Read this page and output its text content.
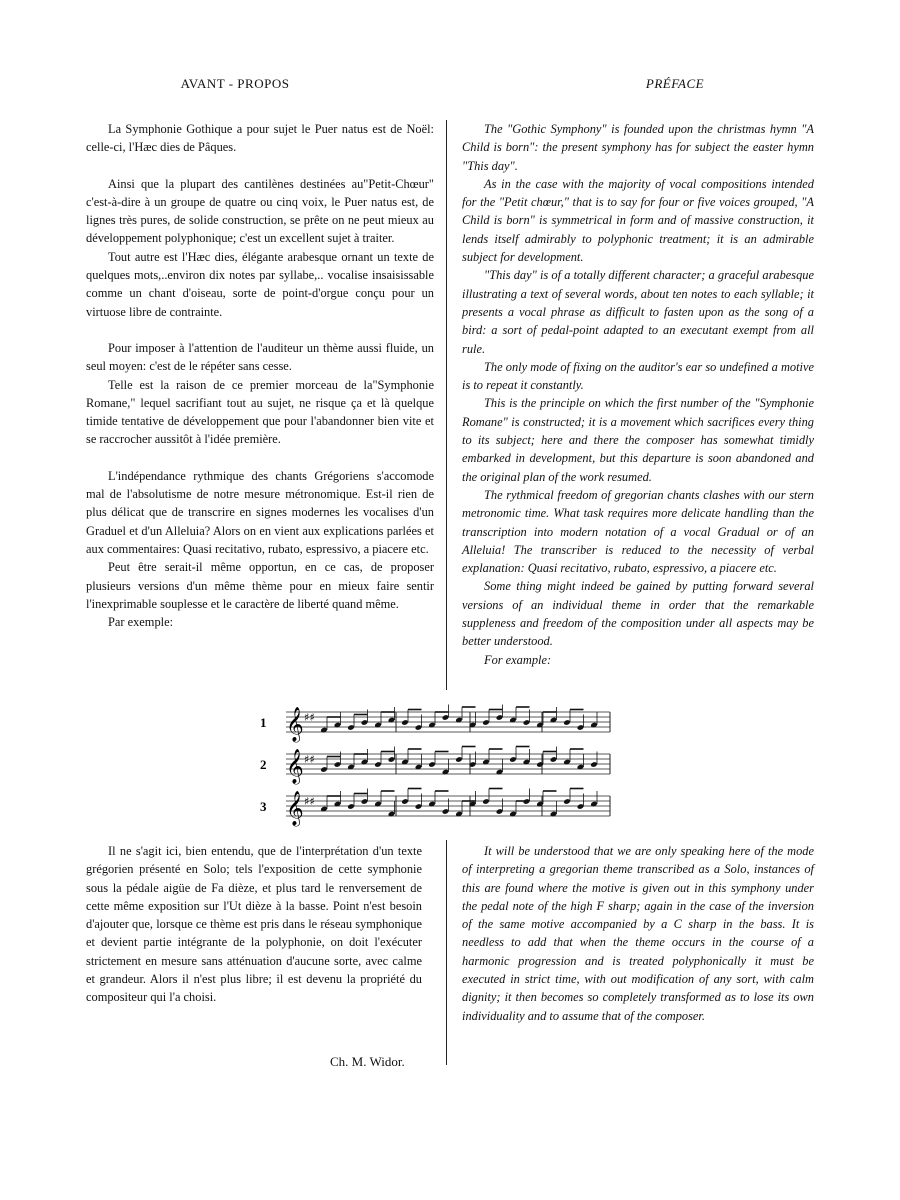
AVANT - PROPOS	PRÉFACE

La Symphonie Gothique a pour sujet le Puer natus est de Noël: celle-ci, l'Hæc dies de Pâques.

Ainsi que la plupart des cantilènes destinées au"Petit-Chœur" c'est-à-dire à un groupe de quatre ou cinq voix, le Puer natus est, de lignes très pures, de solide construction, se prête on ne peut mieux au développement polyphonique; c'est un excellent sujet à traiter.

Tout autre est l'Hæc dies, élégante arabesque ornant un texte de quelques mots,..environ dix notes par syllabe,.. vocalise insaisissable comme un chant d'oiseau, sorte de point-d'orgue conçu pour un virtuose libre de contrainte.

Pour imposer à l'attention de l'auditeur un thème aussi fluide, un seul moyen: c'est de le répéter sans cesse.

Telle est la raison de ce premier morceau de la"Symphonie Romane," lequel sacrifiant tout au sujet, ne risque ça et là quelque timide tentative de développement que pour l'abandonner bien vite et se raccrocher aussitôt à l'idée première.

L'indépendance rythmique des chants Grégoriens s'accomode mal de l'absolutisme de notre mesure métronomique. Est-il rien de plus délicat que de transcrire en signes modernes les vocalises d'un Graduel et d'un Alleluia? Alors on en vient aux explications parlées et aux commentaires: Quasi recitativo, rubato, espressivo, a piacere etc.

Peut être serait-il même opportun, en ce cas, de proposer plusieurs versions d'un même thème pour en mieux faire sentir l'inexprimable souplesse et le caractère de liberté quand même.

Par exemple:

The "Gothic Symphony" is founded upon the christmas hymn "A Child is born": the present symphony has for subject the easter hymn "This day".

As in the case with the majority of vocal compositions intended for the "Petit chœur," that is to say for four or five voices grouped, "A Child is born" is symmetrical in form and of massive construction, it lends itself admirably to polyphonic treatment; it is an admirable subject for development.

"This day" is of a totally different character; a graceful arabesque illustrating a text of several words, about ten notes to each syllable; it presents a vocal phrase as difficult to fasten upon as the song of a bird: a sort of pedal-point adapted to an executant exempt from all rule.

The only mode of fixing on the auditor's ear so undefined a motive is to repeat it constantly.

This is the principle on which the first number of the "Symphonie Romane" is constructed; it is a movement which sacrifices every thing to its subject; here and there the composer has somewhat timidly embarked in development, but this departure is soon abandoned and the original plan of the work resumed.

The rythmical freedom of gregorian chants clashes with our stern metronomic time. What task requires more delicate handling than the transcription into modern notation of a vocal Gradual or of an Alleluia! The transcriber is reduced to the necessity of verbal explanation: Quasi recitativo, rubato, espressivo, a piacere etc.

Some thing might indeed be gained by putting forward several versions of an individual theme in order that the remarkable suppleness and freedom of the composition under all aspects may be better understood.

For example:

1 𝄞 ♯♯
2 𝄞 ♯♯
3 𝄞 ♯♯

Il ne s'agit ici, bien entendu, que de l'interprétation d'un texte grégorien présenté en Solo; tels l'exposition de cette symphonie sous la pédale aigüe de Fa dièze, et plus tard le renversement de cette même exposition sur l'Ut dièze à la basse. Point n'est besoin d'ajouter que, lorsque ce thème est pris dans le réseau symphonique et devient partie intégrante de la polyphonie, on doit l'exécuter strictement en mesure sans atténuation d'aucune sorte, avec calme et grandeur. Alors il n'est plus libre; il est devenu la propriété du compositeur qui l'a choisi.

It will be understood that we are only speaking here of the mode of interpreting a gregorian theme transcribed as a Solo, instances of this are found where the motive is given out in this symphony under the pedal note of the high F sharp; again in the case of the inversion of the same motive accompanied by a C sharp in the bass. It is needless to add that when the theme occurs in the course of a harmonic progression and is treated polyphonically it must be executed in strict time, with out modification of any sort, with calm dignity; it then becomes so completely transformed as to lose its own individuality and to assume that of the composer.

Ch. M. Widor.
